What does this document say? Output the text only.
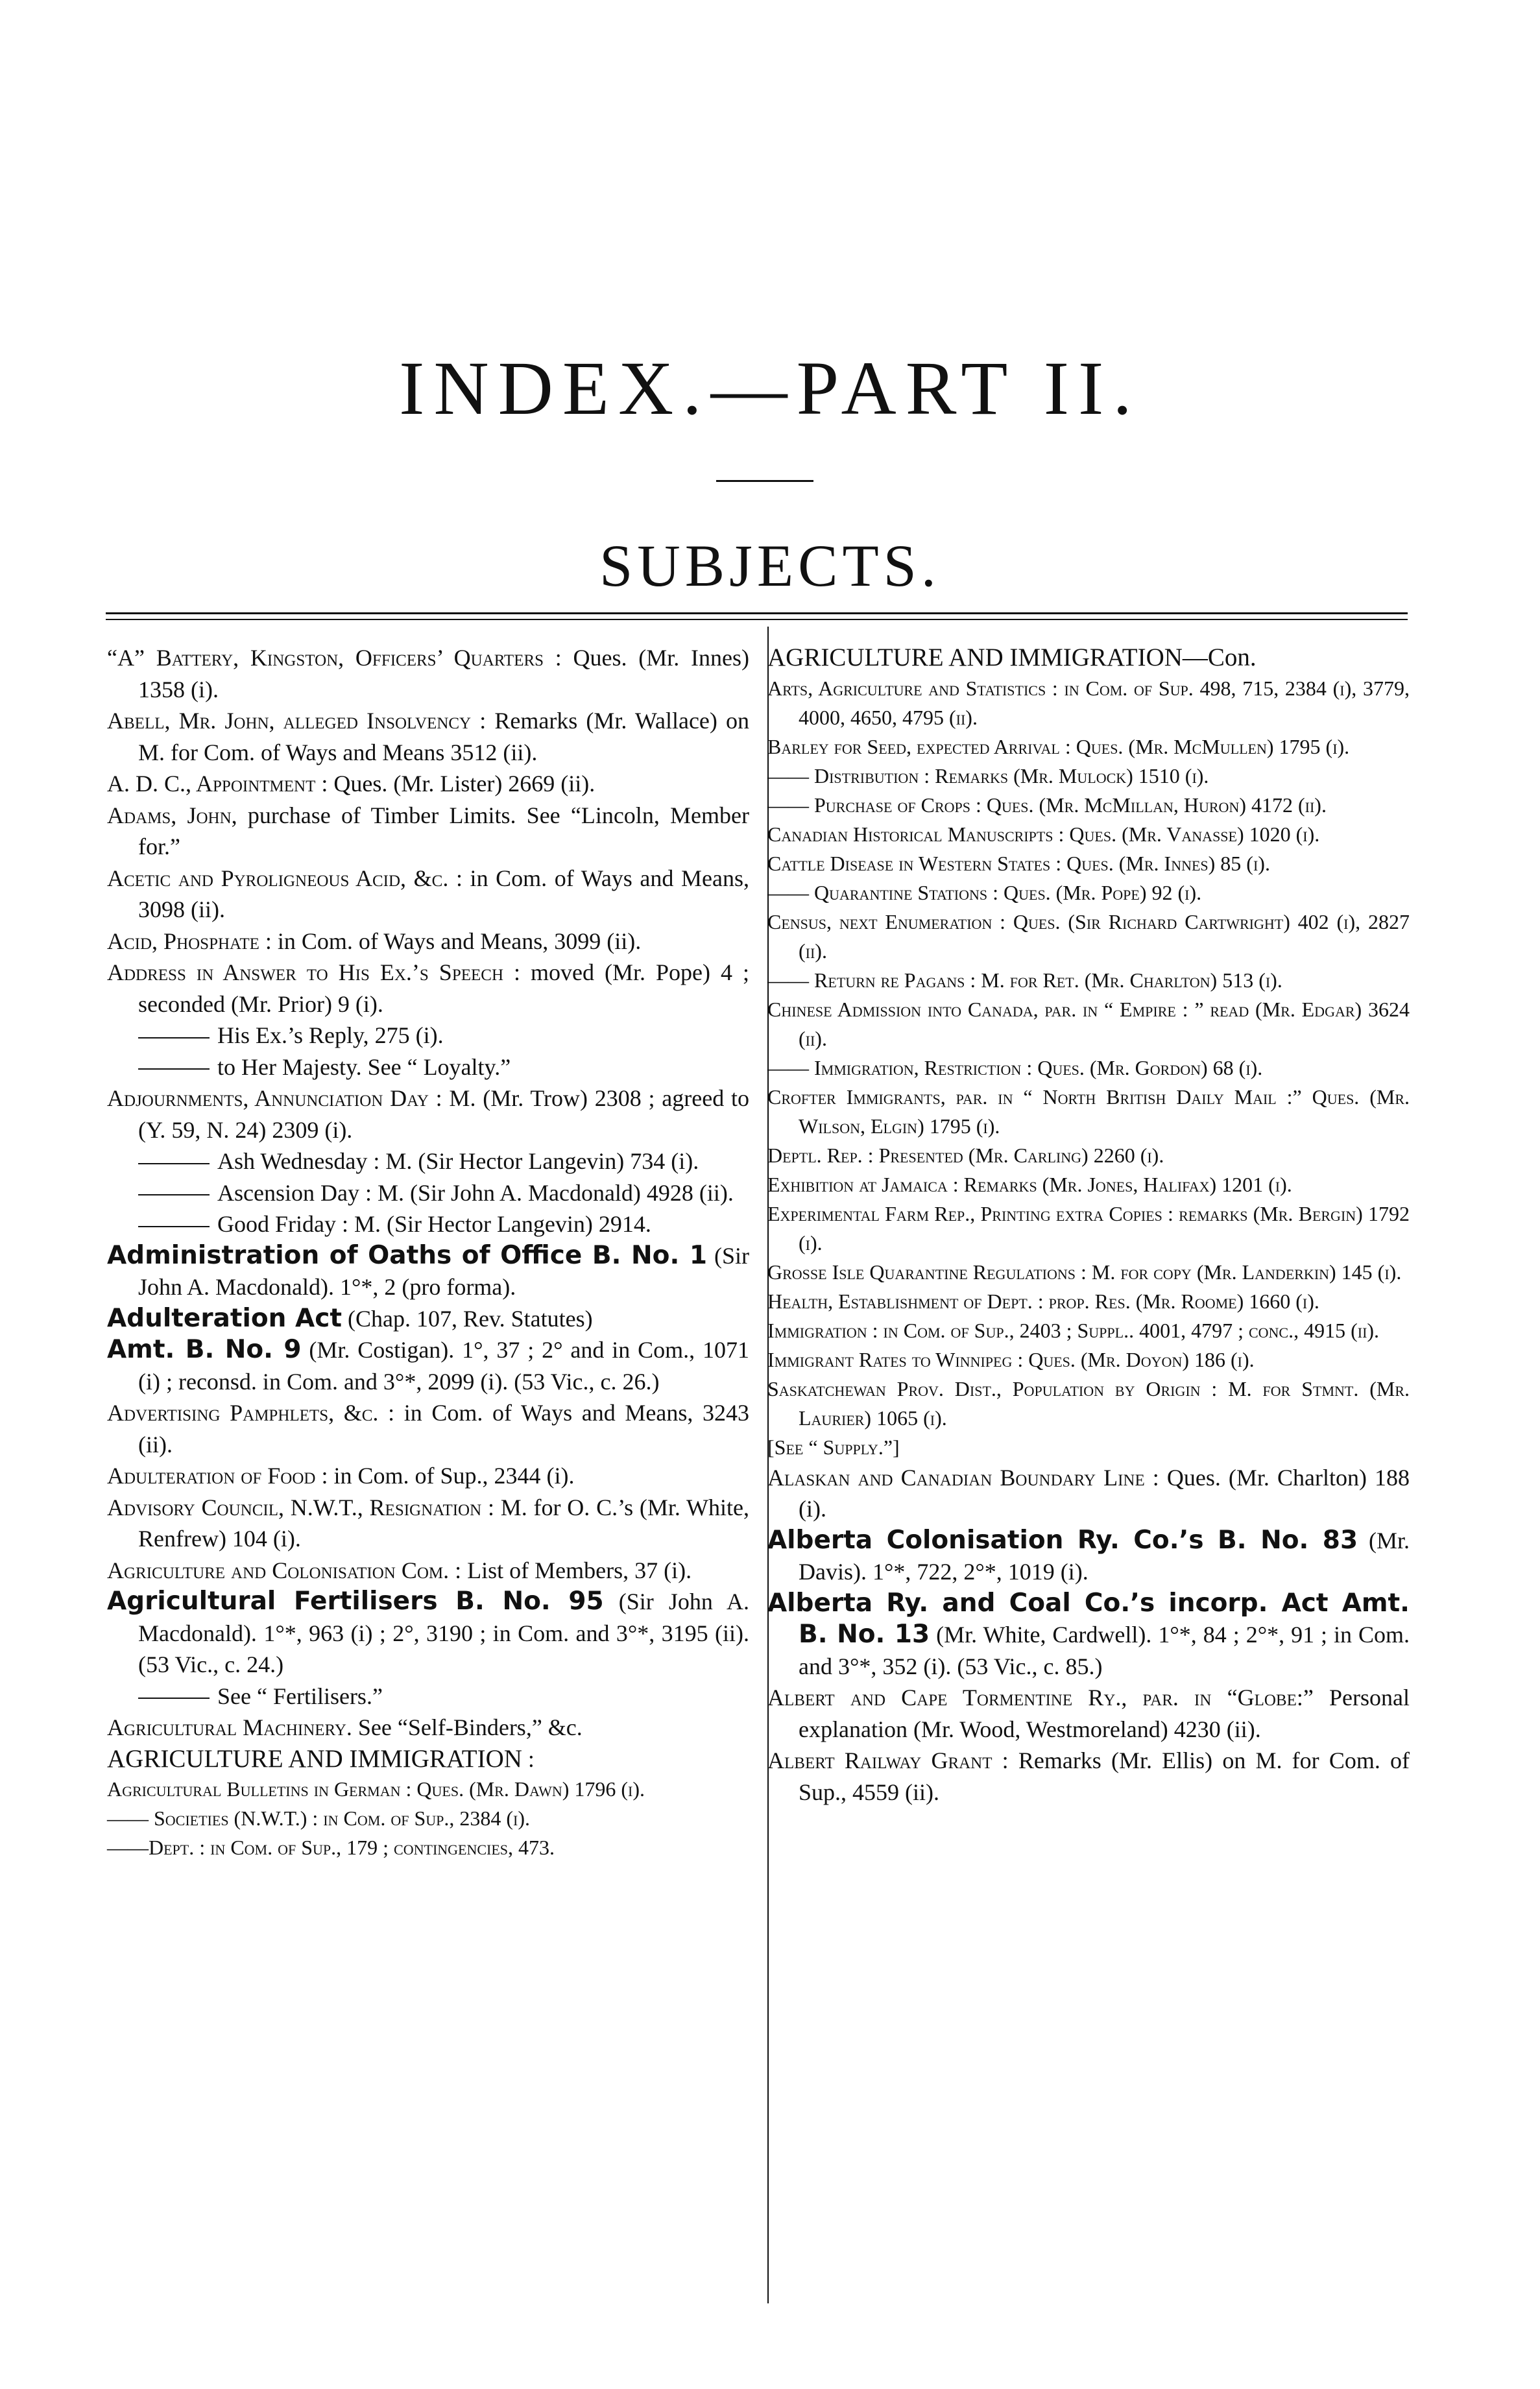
INDEX.—PART II.
SUBJECTS.

“A” Battery, Kingston, Officers’ Quarters : Ques. (Mr. Innes) 1358 (i).

Abell, Mr. John, alleged Insolvency : Remarks (Mr. Wallace) on M. for Com. of Ways and Means 3512 (ii).

A. D. C., Appointment : Ques. (Mr. Lister) 2669 (ii).

Adams, John, purchase of Timber Limits. See “Lincoln, Member for.”

Acetic and Pyroligneous Acid, &c. : in Com. of Ways and Means, 3098 (ii).

Acid, Phosphate : in Com. of Ways and Means, 3099 (ii).

Address in Answer to His Ex.’s Speech : moved (Mr. Pope) 4 ; seconded (Mr. Prior) 9 (i).

His Ex.’s Reply, 275 (i).

to Her Majesty. See “ Loyalty.”

Adjournments, Annunciation Day : M. (Mr. Trow) 2308 ; agreed to (Y. 59, N. 24) 2309 (i).

Ash Wednesday : M. (Sir Hector Langevin) 734 (i).

Ascension Day : M. (Sir John A. Macdonald) 4928 (ii).

Good Friday : M. (Sir Hector Langevin) 2914.

Administration of Oaths of Office B. No. 1 (Sir John A. Macdonald). 1°*, 2 (pro forma).

Adulteration Act (Chap. 107, Rev. Statutes)

Amt. B. No. 9 (Mr. Costigan). 1°, 37 ; 2° and in Com., 1071 (i) ; reconsd. in Com. and 3°*, 2099 (i). (53 Vic., c. 26.)

Advertising Pamphlets, &c. : in Com. of Ways and Means, 3243 (ii).

Adulteration of Food : in Com. of Sup., 2344 (i).

Advisory Council, N.W.T., Resignation : M. for O. C.’s (Mr. White, Renfrew) 104 (i).

Agriculture and Colonisation Com. : List of Members, 37 (i).

Agricultural Fertilisers B. No. 95 (Sir John A. Macdonald). 1°*, 963 (i) ; 2°, 3190 ; in Com. and 3°*, 3195 (ii). (53 Vic., c. 24.)

See “ Fertilisers.”

Agricultural Machinery. See “Self-Binders,” &c.

AGRICULTURE AND IMMIGRATION :

Agricultural Bulletins in German : Ques. (Mr. Dawn) 1796 (i).

—— Societies (N.W.T.) : in Com. of Sup., 2384 (i).

——Dept. : in Com. of Sup., 179 ; contingencies, 473.

AGRICULTURE AND IMMIGRATION—Con.

Arts, Agriculture and Statistics : in Com. of Sup. 498, 715, 2384 (i), 3779, 4000, 4650, 4795 (ii).

Barley for Seed, expected Arrival : Ques. (Mr. McMullen) 1795 (i).

—— Distribution : Remarks (Mr. Mulock) 1510 (i).

—— Purchase of Crops : Ques. (Mr. McMillan, Huron) 4172 (ii).

Canadian Historical Manuscripts : Ques. (Mr. Vanasse) 1020 (i).

Cattle Disease in Western States : Ques. (Mr. Innes) 85 (i).

—— Quarantine Stations : Ques. (Mr. Pope) 92 (i).

Census, next Enumeration : Ques. (Sir Richard Cartwright) 402 (i), 2827 (ii).

—— Return re Pagans : M. for Ret. (Mr. Charlton) 513 (i).

Chinese Admission into Canada, par. in “ Empire : ” read (Mr. Edgar) 3624 (ii).

—— Immigration, Restriction : Ques. (Mr. Gordon) 68 (i).

Crofter Immigrants, par. in “ North British Daily Mail :” Ques. (Mr. Wilson, Elgin) 1795 (i).

Deptl. Rep. : Presented (Mr. Carling) 2260 (i).

Exhibition at Jamaica : Remarks (Mr. Jones, Halifax) 1201 (i).

Experimental Farm Rep., Printing extra Copies : remarks (Mr. Bergin) 1792 (i).

Grosse Isle Quarantine Regulations : M. for copy (Mr. Landerkin) 145 (i).

Health, Establishment of Dept. : prop. Res. (Mr. Roome) 1660 (i).

Immigration : in Com. of Sup., 2403 ; Suppl.. 4001, 4797 ; conc., 4915 (ii).

Immigrant Rates to Winnipeg : Ques. (Mr. Doyon) 186 (i).

Saskatchewan Prov. Dist., Population by Origin : M. for Stmnt. (Mr. Laurier) 1065 (i).

[See “ Supply.”]

Alaskan and Canadian Boundary Line : Ques. (Mr. Charlton) 188 (i).

Alberta Colonisation Ry. Co.’s B. No. 83 (Mr. Davis). 1°*, 722, 2°*, 1019 (i).

Alberta Ry. and Coal Co.’s incorp. Act Amt. B. No. 13 (Mr. White, Cardwell). 1°*, 84 ; 2°*, 91 ; in Com. and 3°*, 352 (i). (53 Vic., c. 85.)

Albert and Cape Tormentine Ry., par. in “Globe:” Personal explanation (Mr. Wood, Westmoreland) 4230 (ii).

Albert Railway Grant : Remarks (Mr. Ellis) on M. for Com. of Sup., 4559 (ii).
